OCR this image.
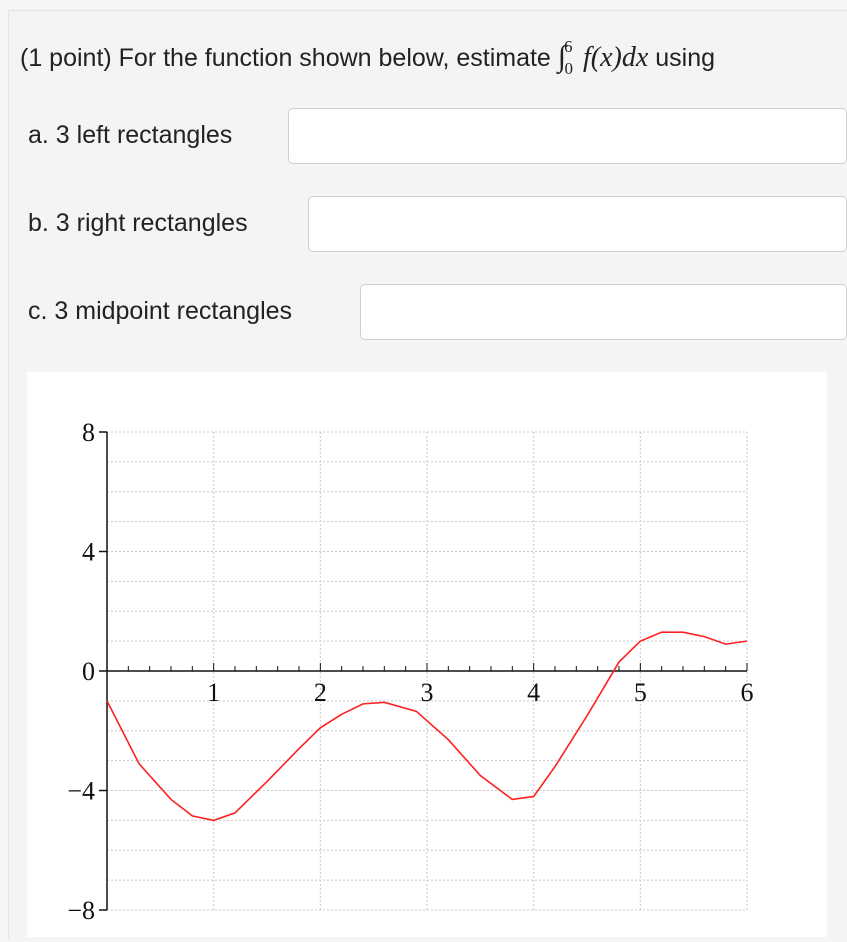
(1 point) For the function shown below, estimate ∫$^6_0$ f(x)dx using
a. 3 left rectangles
b. 3 right rectangles
c. 3 midpoint rectangles
1	2	3	4	5	6
8
4
0
−4
−8
